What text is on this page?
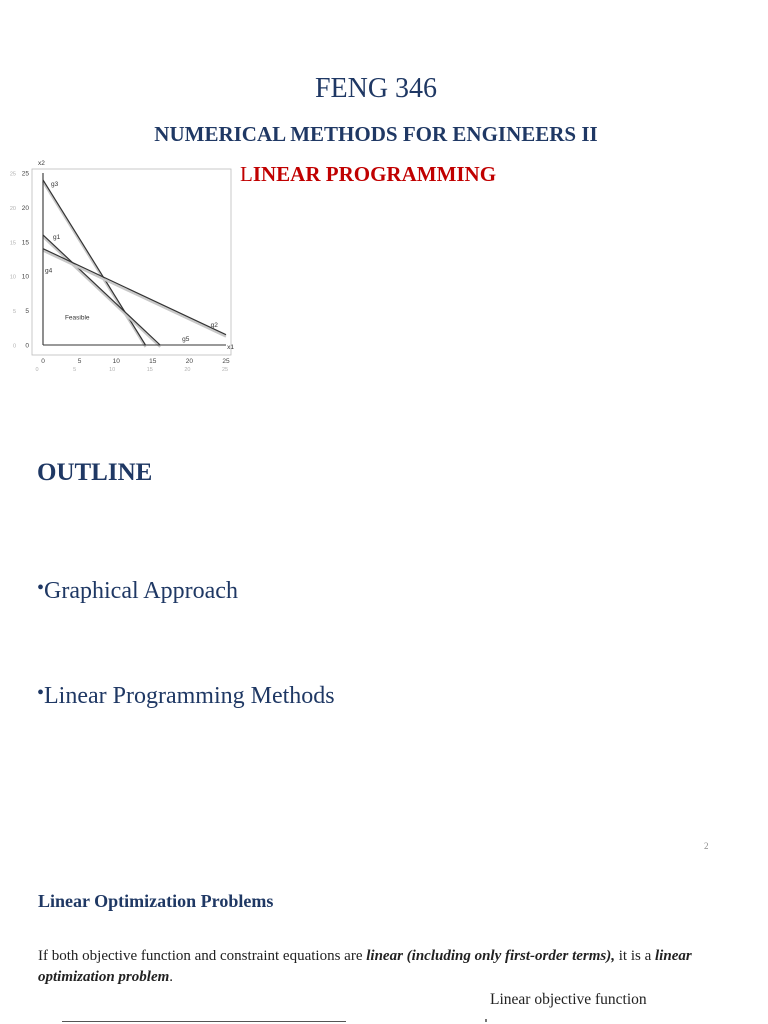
FENG 346
NUMERICAL METHODS FOR ENGINEERS II
LINEAR PROGRAMMING
0
0
5
5
10
10
15
15
20
20
25
25
0
0
5
5
10
10
15
15
20
20
25
25
g3
g1
g2
g5
g4
Feasible
x1
x2
OUTLINE
•Graphical Approach
•Linear Programming Methods
2
Linear Optimization Problems
If both objective function and constraint equations are linear (including only first-order terms), it is a linear optimization problem.
Linear objective function
